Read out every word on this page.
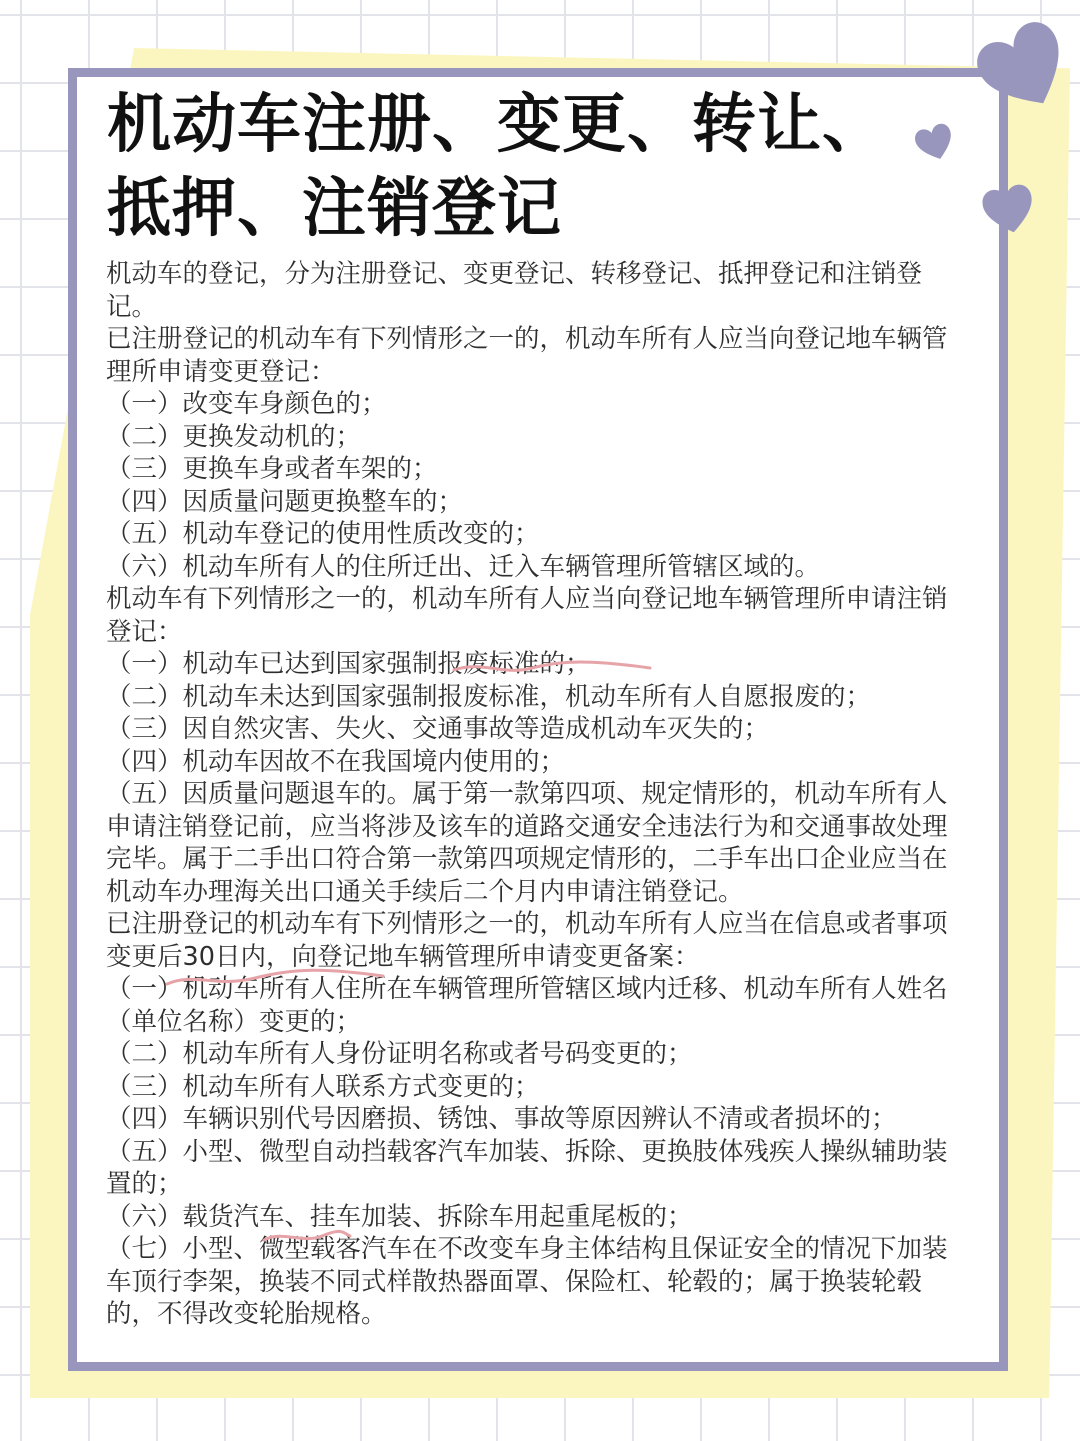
机动车注册、变更、转让、
抵押、注销登记

机动车的登记，分为注册登记、变更登记、转移登记、抵押登记和注销登记。

已注册登记的机动车有下列情形之一的，机动车所有人应当向登记地车辆管理所申请变更登记：

（一）改变车身颜色的；

（二）更换发动机的；

（三）更换车身或者车架的；

（四）因质量问题更换整车的；

（五）机动车登记的使用性质改变的；

（六）机动车所有人的住所迁出、迁入车辆管理所管辖区域的。

机动车有下列情形之一的，机动车所有人应当向登记地车辆管理所申请注销登记：

（一）机动车已达到国家强制报废标准的；

（二）机动车未达到国家强制报废标准，机动车所有人自愿报废的；

（三）因自然灾害、失火、交通事故等造成机动车灭失的；

（四）机动车因故不在我国境内使用的；

（五）因质量问题退车的。属于第一款第四项、规定情形的，机动车所有人申请注销登记前，应当将涉及该车的道路交通安全违法行为和交通事故处理完毕。属于二手出口符合第一款第四项规定情形的，二手车出口企业应当在机动车办理海关出口通关手续后二个月内申请注销登记。

已注册登记的机动车有下列情形之一的，机动车所有人应当在信息或者事项变更后30日内，向登记地车辆管理所申请变更备案：

（一）机动车所有人住所在车辆管理所管辖区域内迁移、机动车所有人姓名（单位名称）变更的；

（二）机动车所有人身份证明名称或者号码变更的；

（三）机动车所有人联系方式变更的；

（四）车辆识别代号因磨损、锈蚀、事故等原因辨认不清或者损坏的；

（五）小型、微型自动挡载客汽车加装、拆除、更换肢体残疾人操纵辅助装置的；

（六）载货汽车、挂车加装、拆除车用起重尾板的；

（七）小型、微型载客汽车在不改变车身主体结构且保证安全的情况下加装车顶行李架，换装不同式样散热器面罩、保险杠、轮毂的；属于换装轮毂的，不得改变轮胎规格。
